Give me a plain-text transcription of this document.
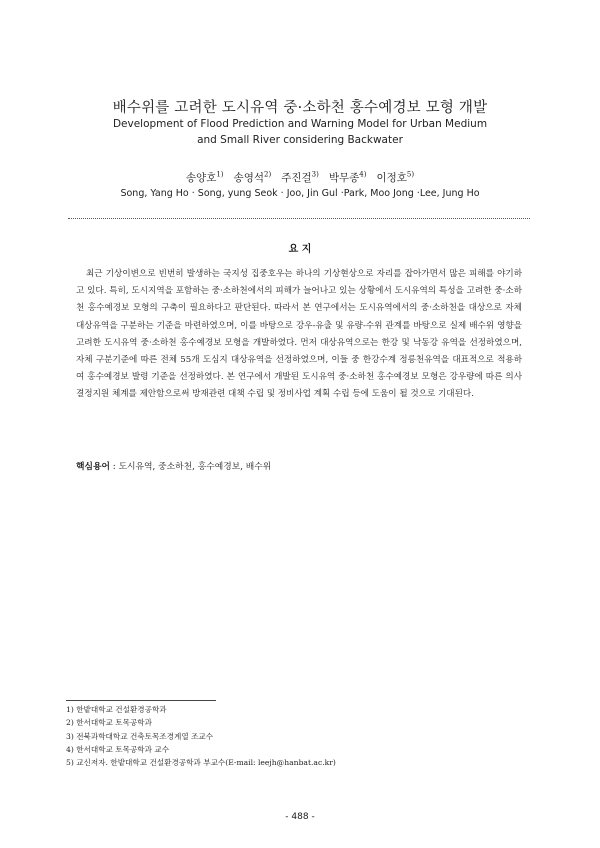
배수위를 고려한 도시유역 중·소하천 홍수예경보 모형 개발
Development of Flood Prediction and Warning Model for Urban Medium
and Small River considering Backwater
송양호$^{1)}$ 송영석$^{2)}$ 주진걸$^{3)}$ 박무종$^{4)}$ 이정호$^{5)}$
Song, Yang Ho · Song, yung Seok · Joo, Jin Gul ·Park, Moo Jong ·Lee, Jung Ho
요 지

최근 기상이변으로 빈번히 발생하는 국지성 집중호우는 하나의 기상현상으로 자리를 잡아가면서 많은 피해를 야기하고 있다. 특히, 도시지역을 포함하는 중·소하천에서의 피해가 늘어나고 있는 상황에서 도시유역의 특성을 고려한 중·소하천 홍수예경보 모형의 구축이 필요하다고 판단된다. 따라서 본 연구에서는 도시유역에서의 중·소하천을 대상으로 자체 대상유역을 구분하는 기준을 마련하였으며, 이를 바탕으로 강우-유출 및 유량-수위 관계를 바탕으로 실제 배수위 영향을 고려한 도시유역 중·소하천 홍수예경보 모형을 개발하였다. 먼저 대상유역으로는 한강 및 낙동강 유역을 선정하였으며, 자체 구분기준에 따른 전체 55개 도심지 대상유역을 선정하였으며, 이들 중 한강수계 정릉천유역을 대표적으로 적용하여 홍수예경보 발령 기준을 선정하였다. 본 연구에서 개발된 도시유역 중·소하천 홍수예경보 모형은 강우량에 따른 의사결정지원 체계를 제안함으로써 방재관련 대책 수립 및 정비사업 계획 수립 등에 도움이 될 것으로 기대된다.

핵심용어 : 도시유역, 중소하천, 홍수예경보, 배수위
1) 한밭대학교 건설환경공학과
2) 한서대학교 토목공학과
3) 전북과학대학교 건축토목조경계열 조교수
4) 한서대학교 토목공학과 교수
5) 교신저자. 한밭대학교 건설환경공학과 부교수(E-mail: leejh@hanbat.ac.kr)
- 488 -
